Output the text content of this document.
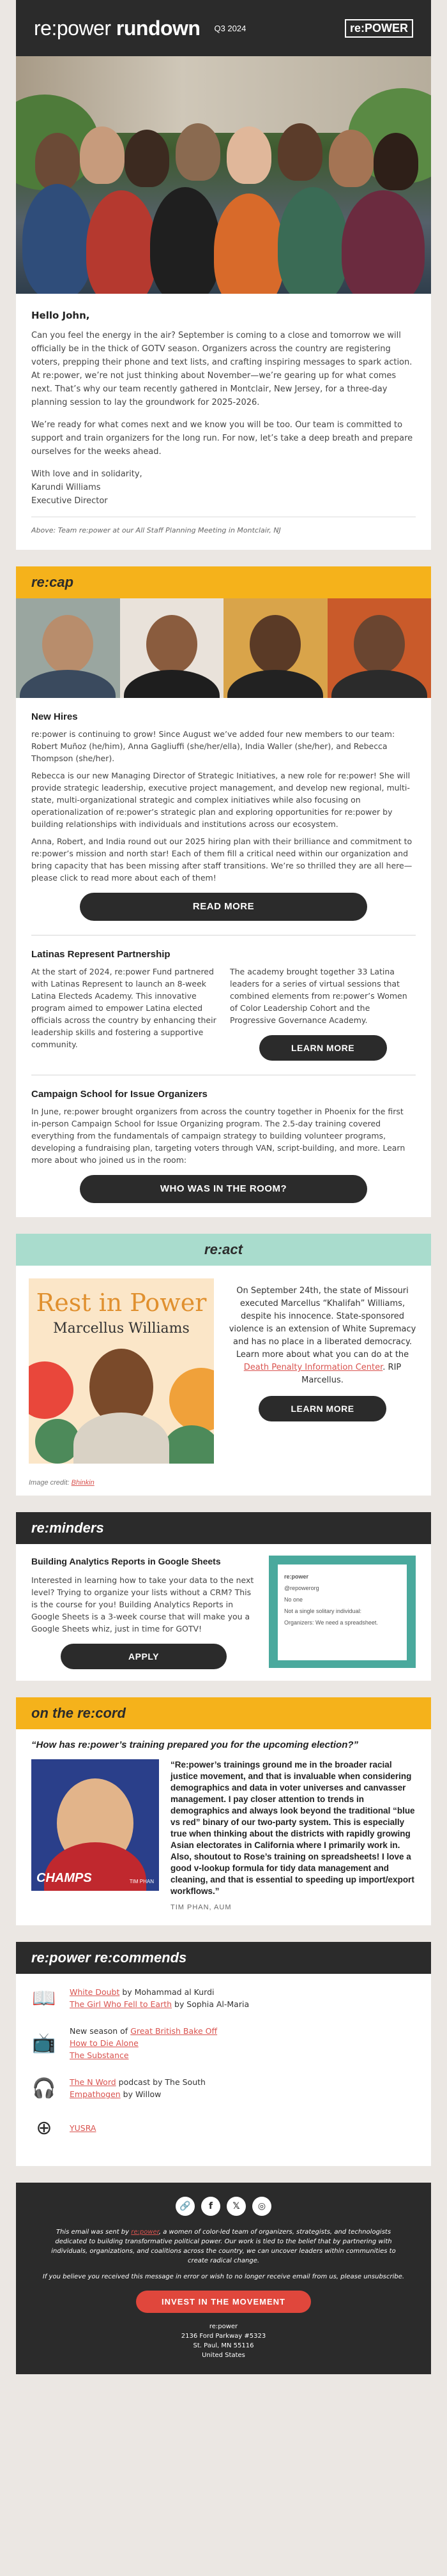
re:power rundown Q3 2024	re:POWER
Hello John,

Can you feel the energy in the air? September is coming to a close and tomorrow we will officially be in the thick of GOTV season. Organizers across the country are registering voters, prepping their phone and text lists, and crafting inspiring messages to spark action. At re:power, we’re not just thinking about November—we’re gearing up for what comes next. That’s why our team recently gathered in Montclair, New Jersey, for a three-day planning session to lay the groundwork for 2025-2026.

We’re ready for what comes next and we know you will be too. Our team is committed to support and train organizers for the long run. For now, let’s take a deep breath and prepare ourselves for the weeks ahead.

With love and in solidarity,
Karundi Williams
Executive Director

Above: Team re:power at our All Staff Planning Meeting in Montclair, NJ
re:cap
New Hires

re:power is continuing to grow! Since August we’ve added four new members to our team: Robert Muñoz (he/him), Anna Gagliuffi (she/her/ella), India Waller (she/her), and Rebecca Thompson (she/her).

Rebecca is our new Managing Director of Strategic Initiatives, a new role for re:power! She will provide strategic leadership, executive project management, and develop new regional, multi-state, multi-organizational strategic and complex initiatives while also focusing on operationalization of re:power’s strategic plan and exploring opportunities for re:power by building relationships with individuals and institutions across our ecosystem.

Anna, Robert, and India round out our 2025 hiring plan with their brilliance and commitment to re:power’s mission and north star! Each of them fill a critical need within our organization and bring capacity that has been missing after staff transitions. We’re so thrilled they are all here—please click to read more about each of them!

READ MORE
Latinas Represent Partnership
At the start of 2024, re:power Fund partnered with Latinas Represent to launch an 8-week Latina Electeds Academy. This innovative program aimed to empower Latina elected officials across the country by enhancing their leadership skills and fostering a supportive community.
The academy brought together 33 Latina leaders for a series of virtual sessions that combined elements from re:power’s Women of Color Leadership Cohort and the Progressive Governance Academy.
LEARN MORE
Campaign School for Issue Organizers

In June, re:power brought organizers from across the country together in Phoenix for the first in-person Campaign School for Issue Organizing program. The 2.5-day training covered everything from the fundamentals of campaign strategy to building volunteer programs, developing a fundraising plan, targeting voters through VAN, script-building, and more. Learn more about who joined us in the room:

WHO WAS IN THE ROOM?
re:act
Rest in Power
Marcellus Williams

On September 24th, the state of Missouri executed Marcellus “Khalifah” Williams, despite his innocence. State-sponsored violence is an extension of White Supremacy and has no place in a liberated democracy. Learn more about what you can do at the Death Penalty Information Center. RIP Marcellus.

LEARN MORE
Image credit: Bhinkin
re:minders
Building Analytics Reports in Google Sheets

Interested in learning how to take your data to the next level? Trying to organize your lists without a CRM? This is the course for you! Building Analytics Reports in Google Sheets is a 3-week course that will make you a Google Sheets whiz, just in time for GOTV!

APPLY
re:power
@repowerorg
No one
Not a single solitary individual:
Organizers: We need a spreadsheet.
on the re:cord
“How has re:power’s training prepared you for the upcoming election?”
CHAMPS	TIM PHAN
“Re:power’s trainings ground me in the broader racial justice movement, and that is invaluable when considering demographics and data in voter universes and canvasser management. I pay closer attention to trends in demographics and always look beyond the traditional “blue vs red” binary of our two-party system. This is especially true when thinking about the districts with rapidly growing Asian electorates in California where I primarily work in. Also, shoutout to Rose’s training on spreadsheets! I love a good v-lookup formula for tidy data management and cleaning, and that is essential to speeding up import/export workflows.”
TIM PHAN, AUM
re:power re:commends
📖 White Doubt by Mohammad al Kurdi
The Girl Who Fell to Earth by Sophia Al-Maria
📺
New season of Great British Bake Off
How to Die Alone
The Substance
🎧 The N Word podcast by The South
Empathogen by Willow
⊕	YUSRA
🔗	f	𝕏	◎

This email was sent by re:power, a women of color-led team of organizers, strategists, and technologists dedicated to building transformative political power. Our work is tied to the belief that by partnering with individuals, organizations, and coalitions across the country, we can uncover leaders within communities to create radical change.

If you believe you received this message in error or wish to no longer receive email from us, please unsubscribe.

INVEST IN THE MOVEMENT

re:power
2136 Ford Parkway #5323
St. Paul, MN 55116
United States
